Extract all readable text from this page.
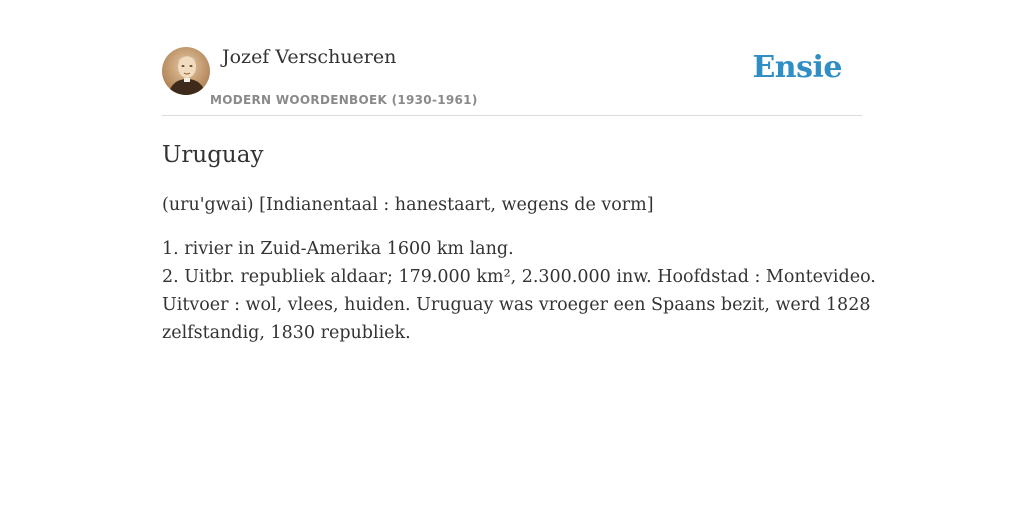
Jozef Verschueren
MODERN WOORDENBOEK (1930-1961)
Ensie
Uruguay
(uru'gwai) [Indianentaal : hanestaart, wegens de vorm]
1. rivier in Zuid-Amerika 1600 km lang.
2. Uitbr. republiek aldaar; 179.000 km², 2.300.000 inw. Hoofdstad : Montevideo.
Uitvoer : wol, vlees, huiden. Uruguay was vroeger een Spaans bezit, werd 1828
zelfstandig, 1830 republiek.
